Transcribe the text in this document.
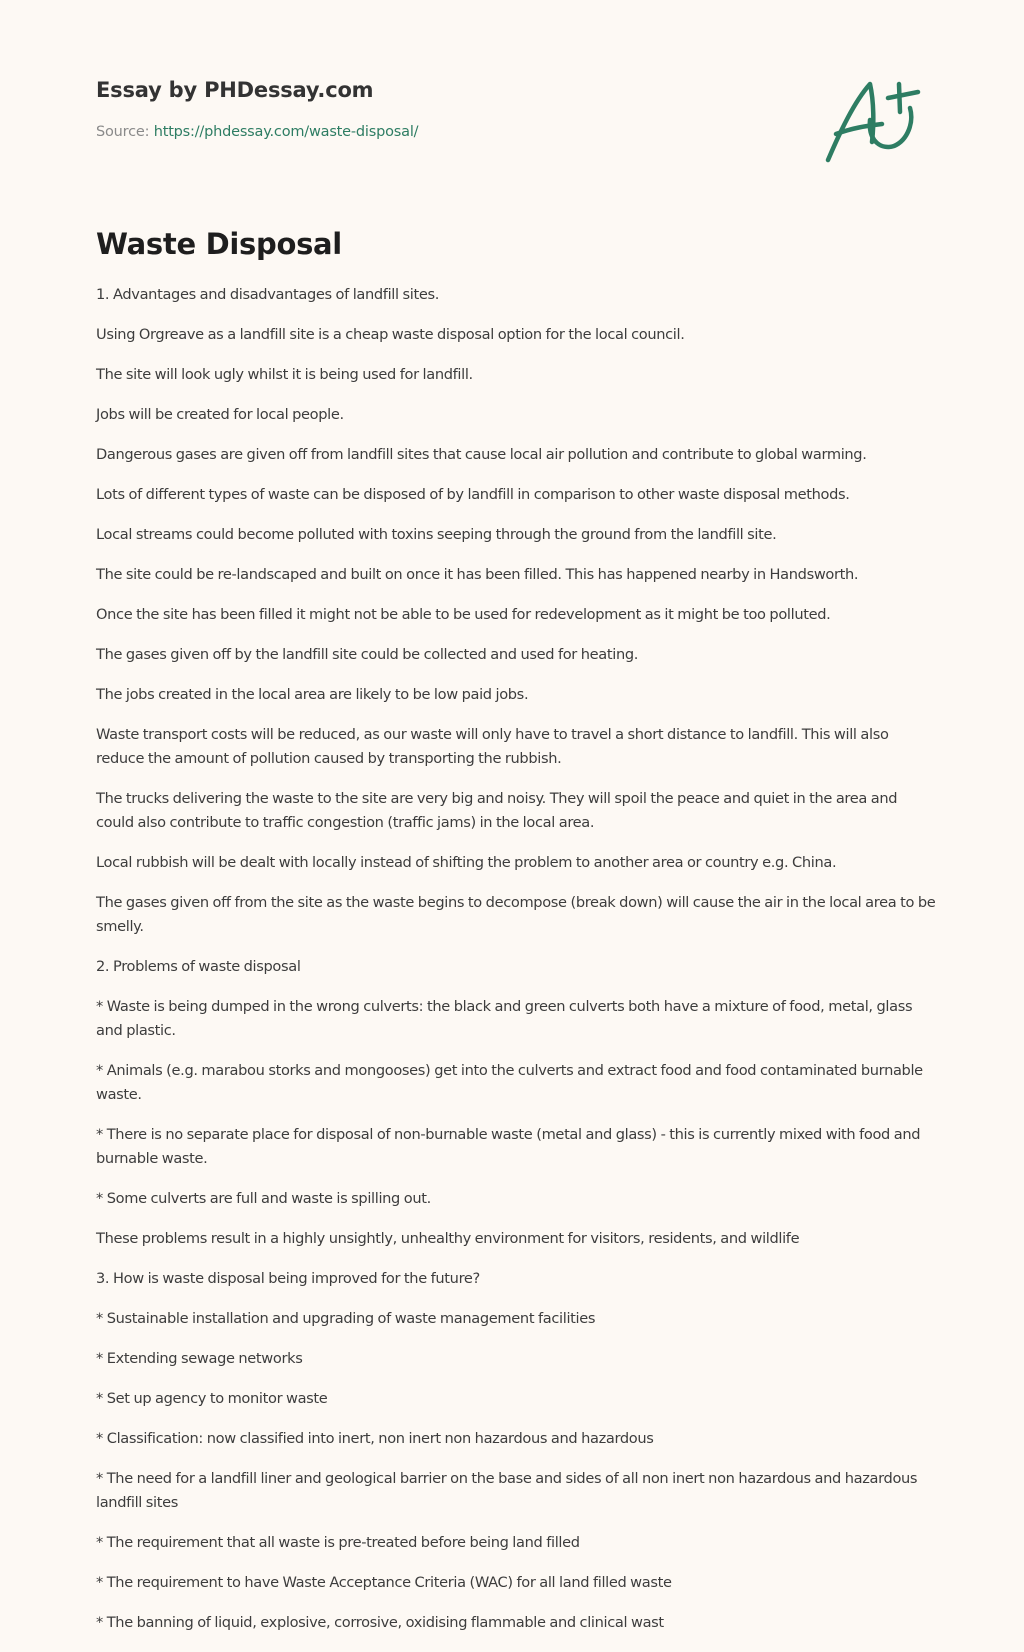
Essay by PHDessay.com
Source: https://phdessay.com/waste-disposal/
Waste Disposal

1. Advantages and disadvantages of landfill sites.

Using Orgreave as a landfill site is a cheap waste disposal option for the local council.

The site will look ugly whilst it is being used for landfill.

Jobs will be created for local people.

Dangerous gases are given off from landfill sites that cause local air pollution and contribute to global warming.

Lots of different types of waste can be disposed of by landfill in comparison to other waste disposal methods.

Local streams could become polluted with toxins seeping through the ground from the landfill site.

The site could be re-landscaped and built on once it has been filled. This has happened nearby in Handsworth.

Once the site has been filled it might not be able to be used for redevelopment as it might be too polluted.

The gases given off by the landfill site could be collected and used for heating.

The jobs created in the local area are likely to be low paid jobs.

Waste transport costs will be reduced, as our waste will only have to travel a short distance to landfill. This will also reduce the amount of pollution caused by transporting the rubbish.

The trucks delivering the waste to the site are very big and noisy. They will spoil the peace and quiet in the area and could also contribute to traffic congestion (traffic jams) in the local area.

Local rubbish will be dealt with locally instead of shifting the problem to another area or country e.g. China.

The gases given off from the site as the waste begins to decompose (break down) will cause the air in the local area to be smelly.

2. Problems of waste disposal

* Waste is being dumped in the wrong culverts: the black and green culverts both have a mixture of food, metal, glass and plastic.

* Animals (e.g. marabou storks and mongooses) get into the culverts and extract food and food contaminated burnable waste.

* There is no separate place for disposal of non-burnable waste (metal and glass) - this is currently mixed with food and burnable waste.

* Some culverts are full and waste is spilling out.

These problems result in a highly unsightly, unhealthy environment for visitors, residents, and wildlife

3. How is waste disposal being improved for the future?

* Sustainable installation and upgrading of waste management facilities

* Extending sewage networks

* Set up agency to monitor waste

* Classification: now classified into inert, non inert non hazardous and hazardous

* The need for a landfill liner and geological barrier on the base and sides of all non inert non hazardous and hazardous landfill sites

* The requirement that all waste is pre-treated before being land filled

* The requirement to have Waste Acceptance Criteria (WAC) for all land filled waste

* The banning of liquid, explosive, corrosive, oxidising flammable and clinical wast
